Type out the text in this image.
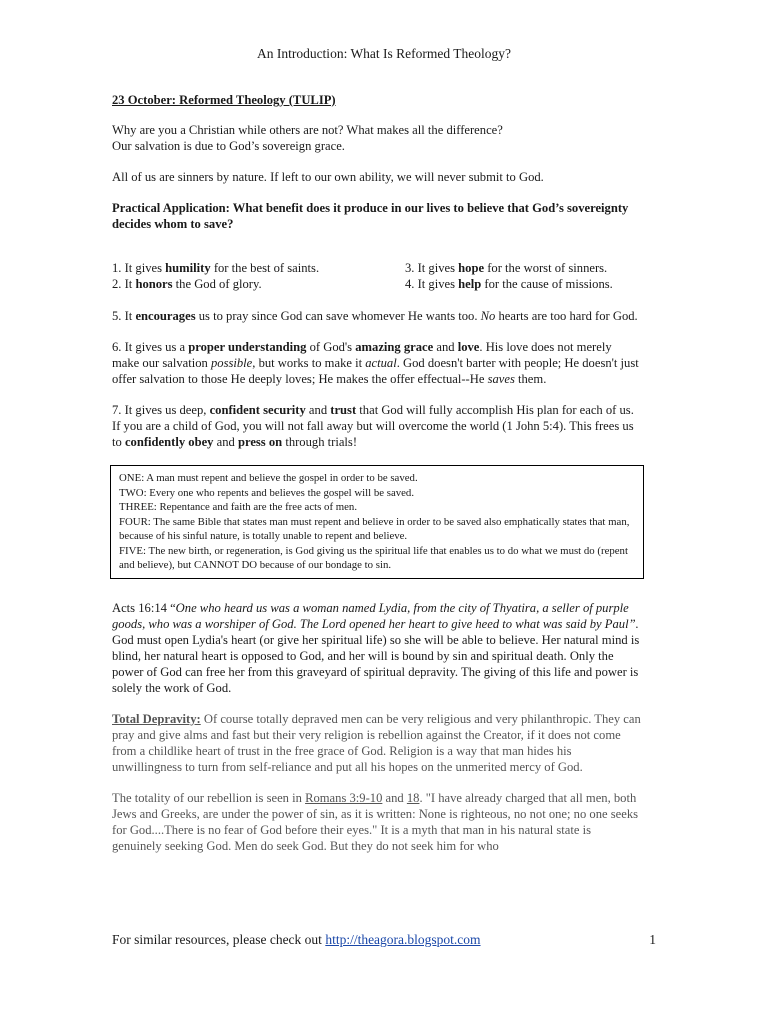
An Introduction: What Is Reformed Theology?

23 October: Reformed Theology (TULIP)

Why are you a Christian while others are not? What makes all the difference?
Our salvation is due to God’s sovereign grace.

All of us are sinners by nature. If left to our own ability, we will never submit to God.

Practical Application: What benefit does it produce in our lives to believe that God’s sovereignty decides whom to save?

1. It gives humility for the best of saints.	3. It gives hope for the worst of sinners.
2. It honors the God of glory.	4. It gives help for the cause of missions.

5. It encourages us to pray since God can save whomever He wants too. No hearts are too hard for God.

6. It gives us a proper understanding of God's amazing grace and love. His love does not merely make our salvation possible, but works to make it actual. God doesn't barter with people; He doesn't just offer salvation to those He deeply loves; He makes the offer effectual--He saves them.

7. It gives us deep, confident security and trust that God will fully accomplish His plan for each of us. If you are a child of God, you will not fall away but will overcome the world (1 John 5:4). This frees us to confidently obey and press on through trials!

ONE: A man must repent and believe the gospel in order to be saved.
TWO: Every one who repents and believes the gospel will be saved.
THREE: Repentance and faith are the free acts of men.
FOUR: The same Bible that states man must repent and believe in order to be saved also emphatically states that man, because of his sinful nature, is totally unable to repent and believe.
FIVE: The new birth, or regeneration, is God giving us the spiritual life that enables us to do what we must do (repent and believe), but CANNOT DO because of our bondage to sin.

Acts 16:14 “One who heard us was a woman named Lydia, from the city of Thyatira, a seller of purple goods, who was a worshiper of God. The Lord opened her heart to give heed to what was said by Paul”. God must open Lydia's heart (or give her spiritual life) so she will be able to believe. Her natural mind is blind, her natural heart is opposed to God, and her will is bound by sin and spiritual death. Only the power of God can free her from this graveyard of spiritual depravity. The giving of this life and power is solely the work of God.

Total Depravity: Of course totally depraved men can be very religious and very philanthropic. They can pray and give alms and fast but their very religion is rebellion against the Creator, if it does not come from a childlike heart of trust in the free grace of God. Religion is a way that man hides his unwillingness to turn from self-reliance and put all his hopes on the unmerited mercy of God.

The totality of our rebellion is seen in Romans 3:9-10 and 18. "I have already charged that all men, both Jews and Greeks, are under the power of sin, as it is written: None is righteous, no not one; no one seeks for God....There is no fear of God before their eyes." It is a myth that man in his natural state is genuinely seeking God. Men do seek God. But they do not seek him for who

For similar resources, please check out http://theagora.blogspot.com	1
